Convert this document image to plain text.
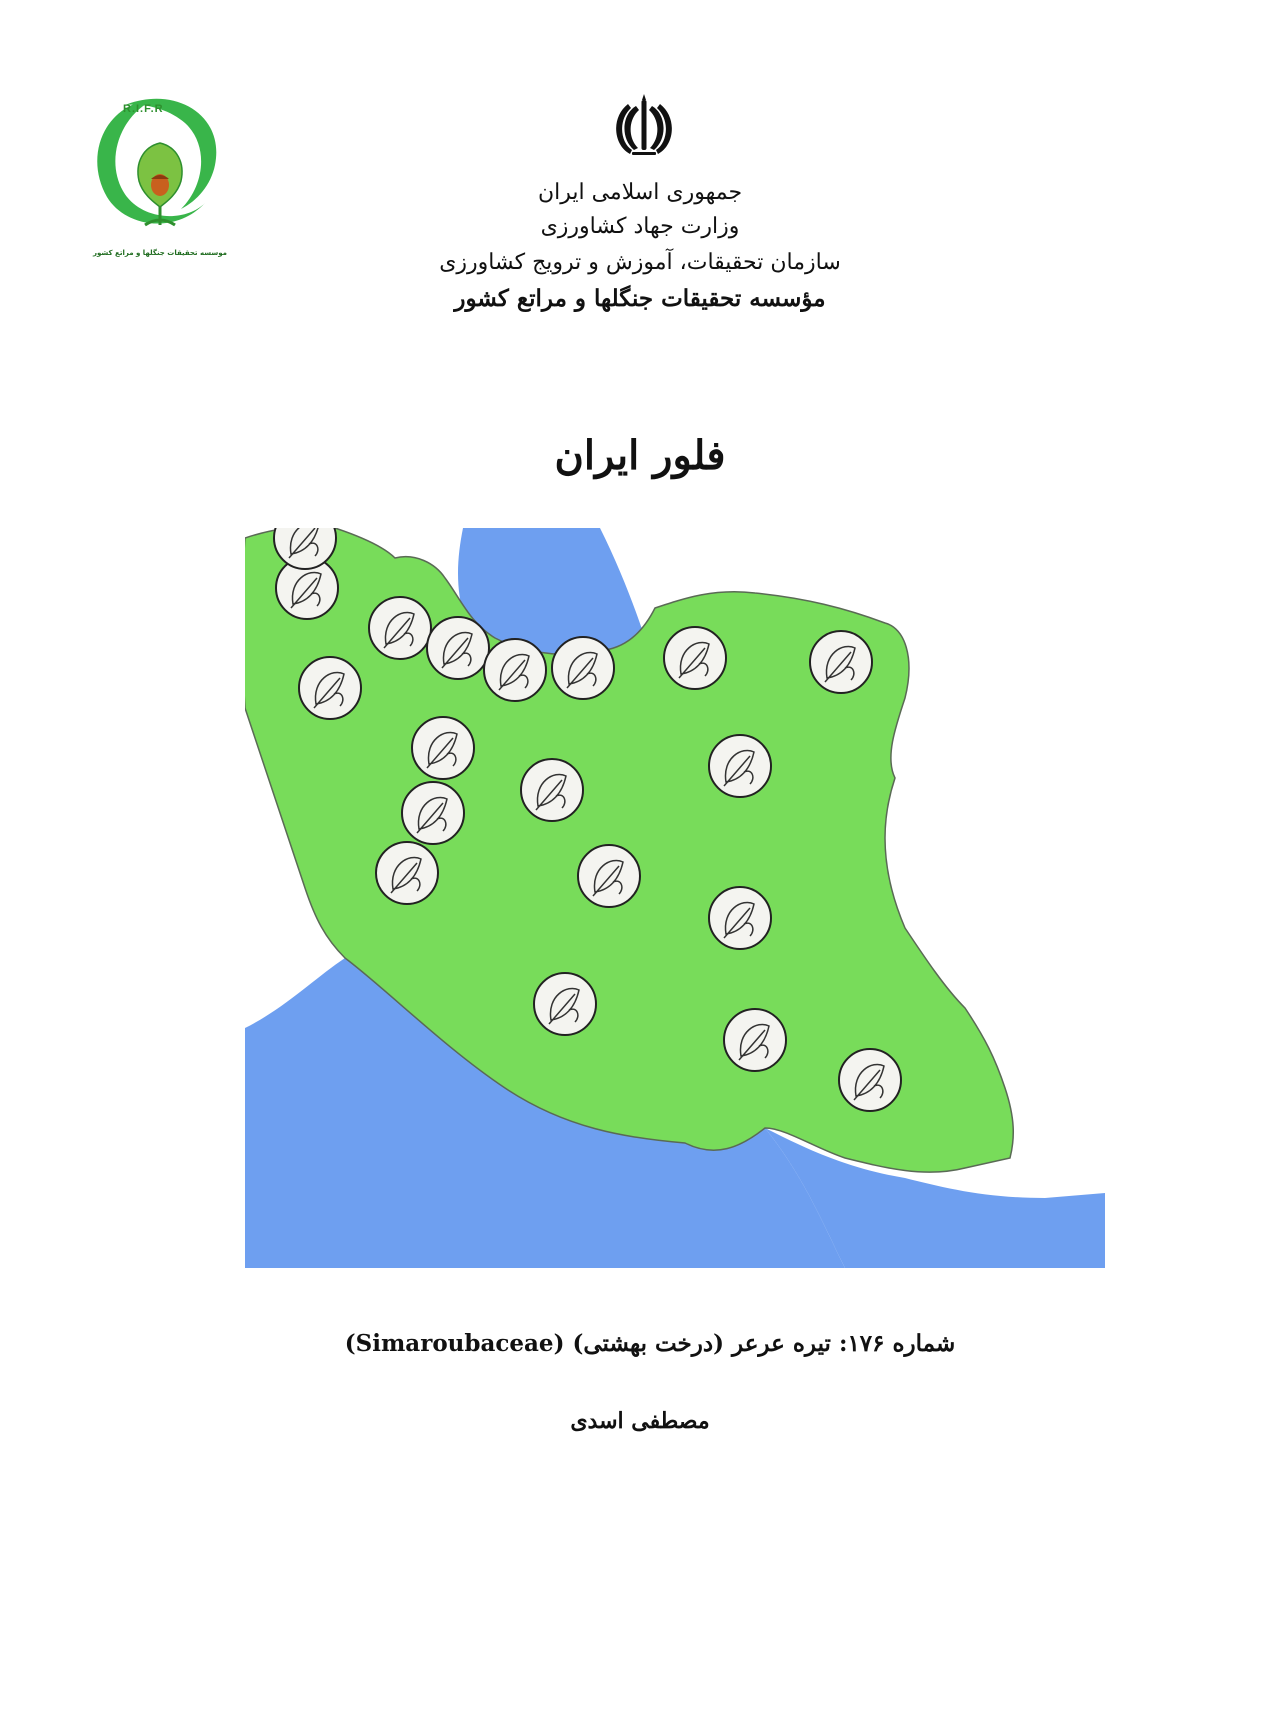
R.I.F.R
موسسه تحقیقات جنگلها و مراتع کشور
جمهوری اسلامی ایران
وزارت جهاد کشاورزی
سازمان تحقیقات، آموزش و ترویج کشاورزی
مؤسسه تحقیقات جنگلها و مراتع کشور
فلور ایران
شماره ۱۷۶: تیره عرعر (درخت بهشتی) (Simaroubaceae)
مصطفی اسدی
